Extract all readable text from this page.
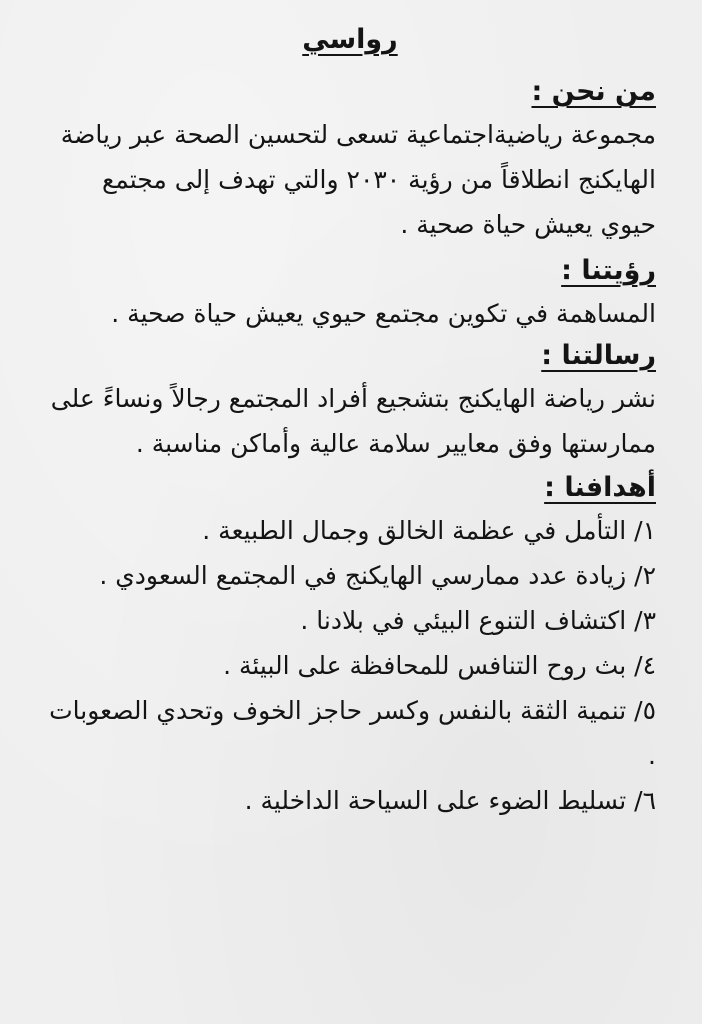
رواسي
من نحن :

مجموعة رياضيةاجتماعية تسعى لتحسين الصحة عبر رياضة الهايكنج انطلاقاً من رؤية ٢٠٣٠ والتي تهدف إلى مجتمع حيوي يعيش حياة صحية .

رؤيتنا :

المساهمة في تكوين مجتمع حيوي يعيش حياة صحية .

رسالتنا :

نشر رياضة الهايكنج بتشجيع أفراد المجتمع رجالاً ونساءً على ممارستها وفق معايير سلامة عالية وأماكن مناسبة .

أهدافنا :
١/ التأمل في عظمة الخالق وجمال الطبيعة .
٢/ زيادة عدد ممارسي الهايكنج في المجتمع السعودي .
٣/ اكتشاف التنوع البيئي في بلادنا .
٤/ بث روح التنافس للمحافظة على البيئة .
٥/ تنمية الثقة بالنفس وكسر حاجز الخوف وتحدي الصعوبات .
٦/ تسليط الضوء على السياحة الداخلية .
